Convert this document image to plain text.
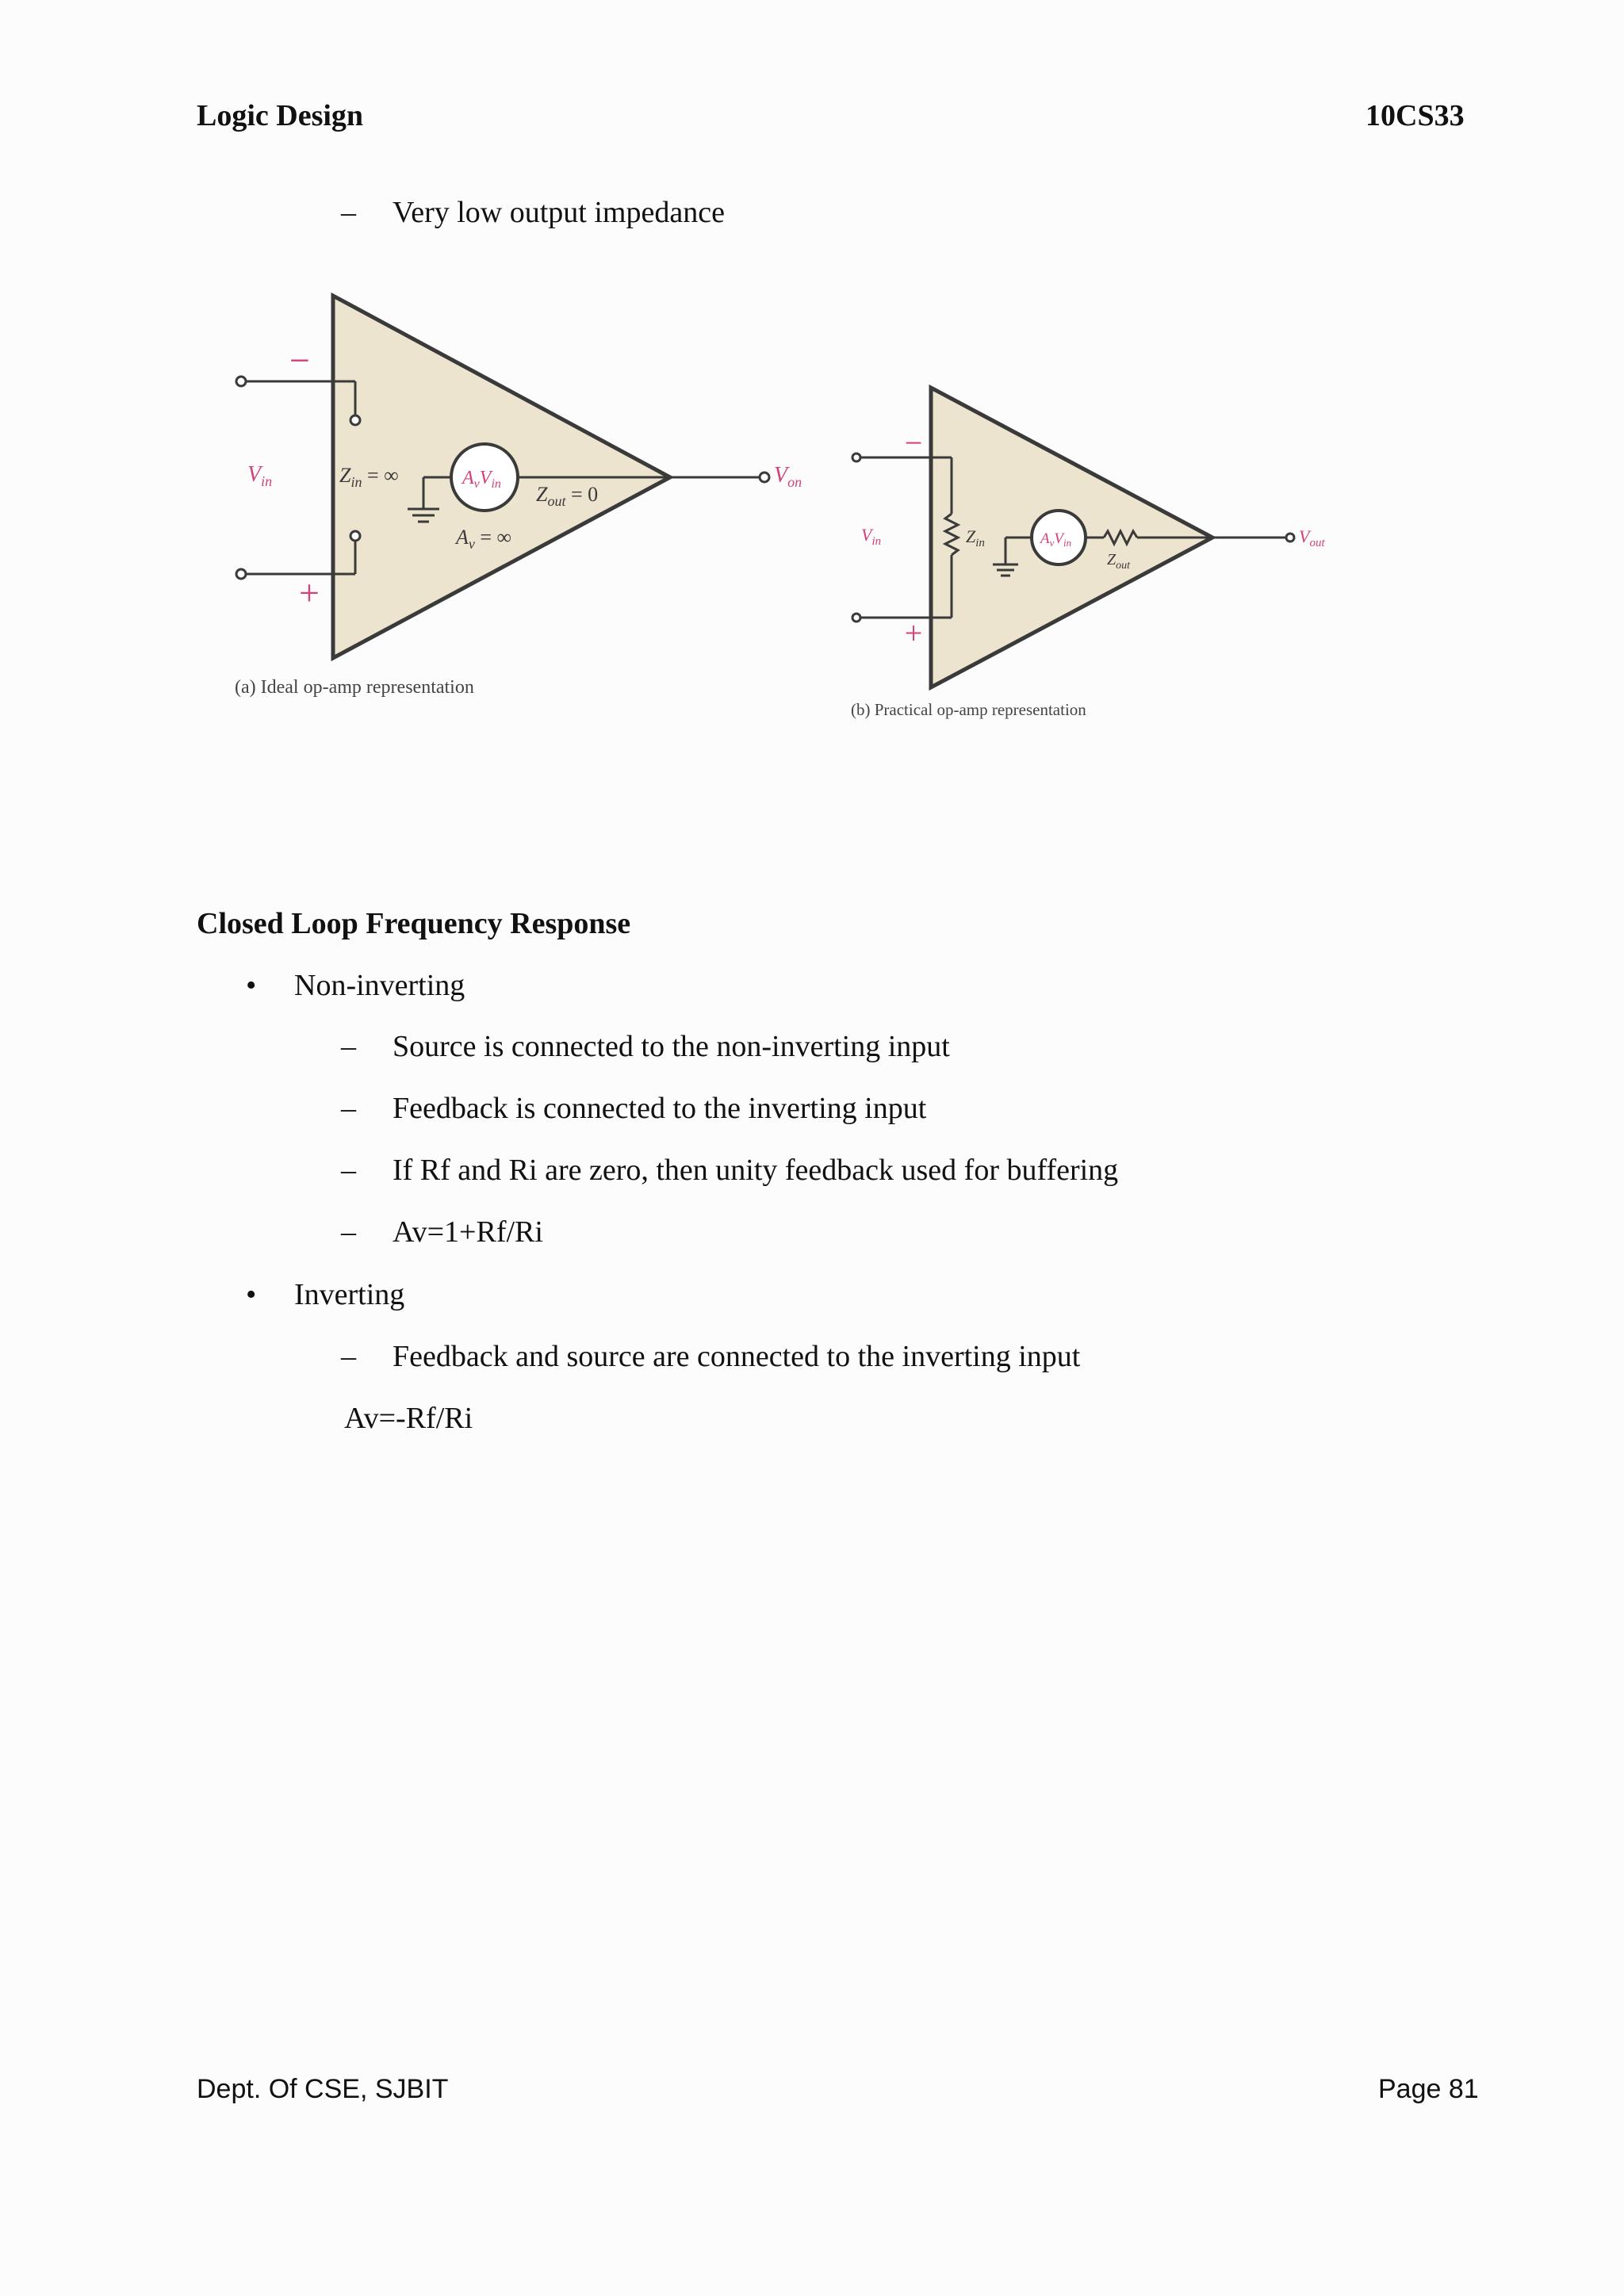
Logic Design	10CS33
– Very low output impedance
−
+
$V_{in}$	$Z_{in}$ = ∞	$A_vV_{in}$ $Z_{out} = 0$
$A_v$ = ∞
$V_{on}$
(a) Ideal op-amp representation
−
+
$V_{in}$	$Z_{in}$	$A_vV_{in}$
$Z_{out}$
$V_{out}$
(b) Practical op-amp representation
Closed Loop Frequency Response
• Non-inverting
– Source is connected to the non-inverting input
– Feedback is connected to the inverting input
– If Rf and Ri are zero, then unity feedback used for buffering
– Av=1+Rf/Ri
• Inverting
– Feedback and source are connected to the inverting input
Av=-Rf/Ri
Dept. Of CSE, SJBIT	Page 81
